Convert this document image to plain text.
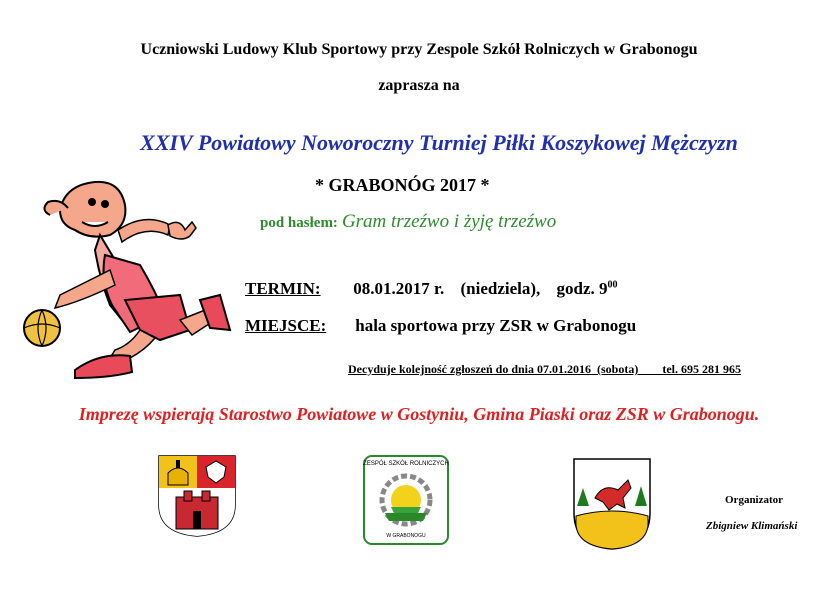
Uczniowski Ludowy Klub Sportowy przy Zespole Szkół Rolniczych w Grabonogu
zaprasza na
XXIV Powiatowy Noworoczny Turniej Piłki Koszykowej Mężczyzn
* GRABONÓG 2017 *
pod hasłem: Gram trzeźwo i żyję trzeźwo
TERMIN: 08.01.2017 r. (niedziela), godz. $9^{00}$
MIEJSCE: hala sportowa przy ZSR w Grabonogu
Decyduje kolejność zgłoszeń do dnia 07.01.2016  (sobota)        tel. 695 281 965
Imprezę wspierają Starostwo Powiatowe w Gostyniu, Gmina Piaski oraz ZSR w Grabonogu.
ZESPÓŁ SZKÓŁ ROLNICZYCH
W GRABONOGU
Organizator
Zbigniew Klimański
